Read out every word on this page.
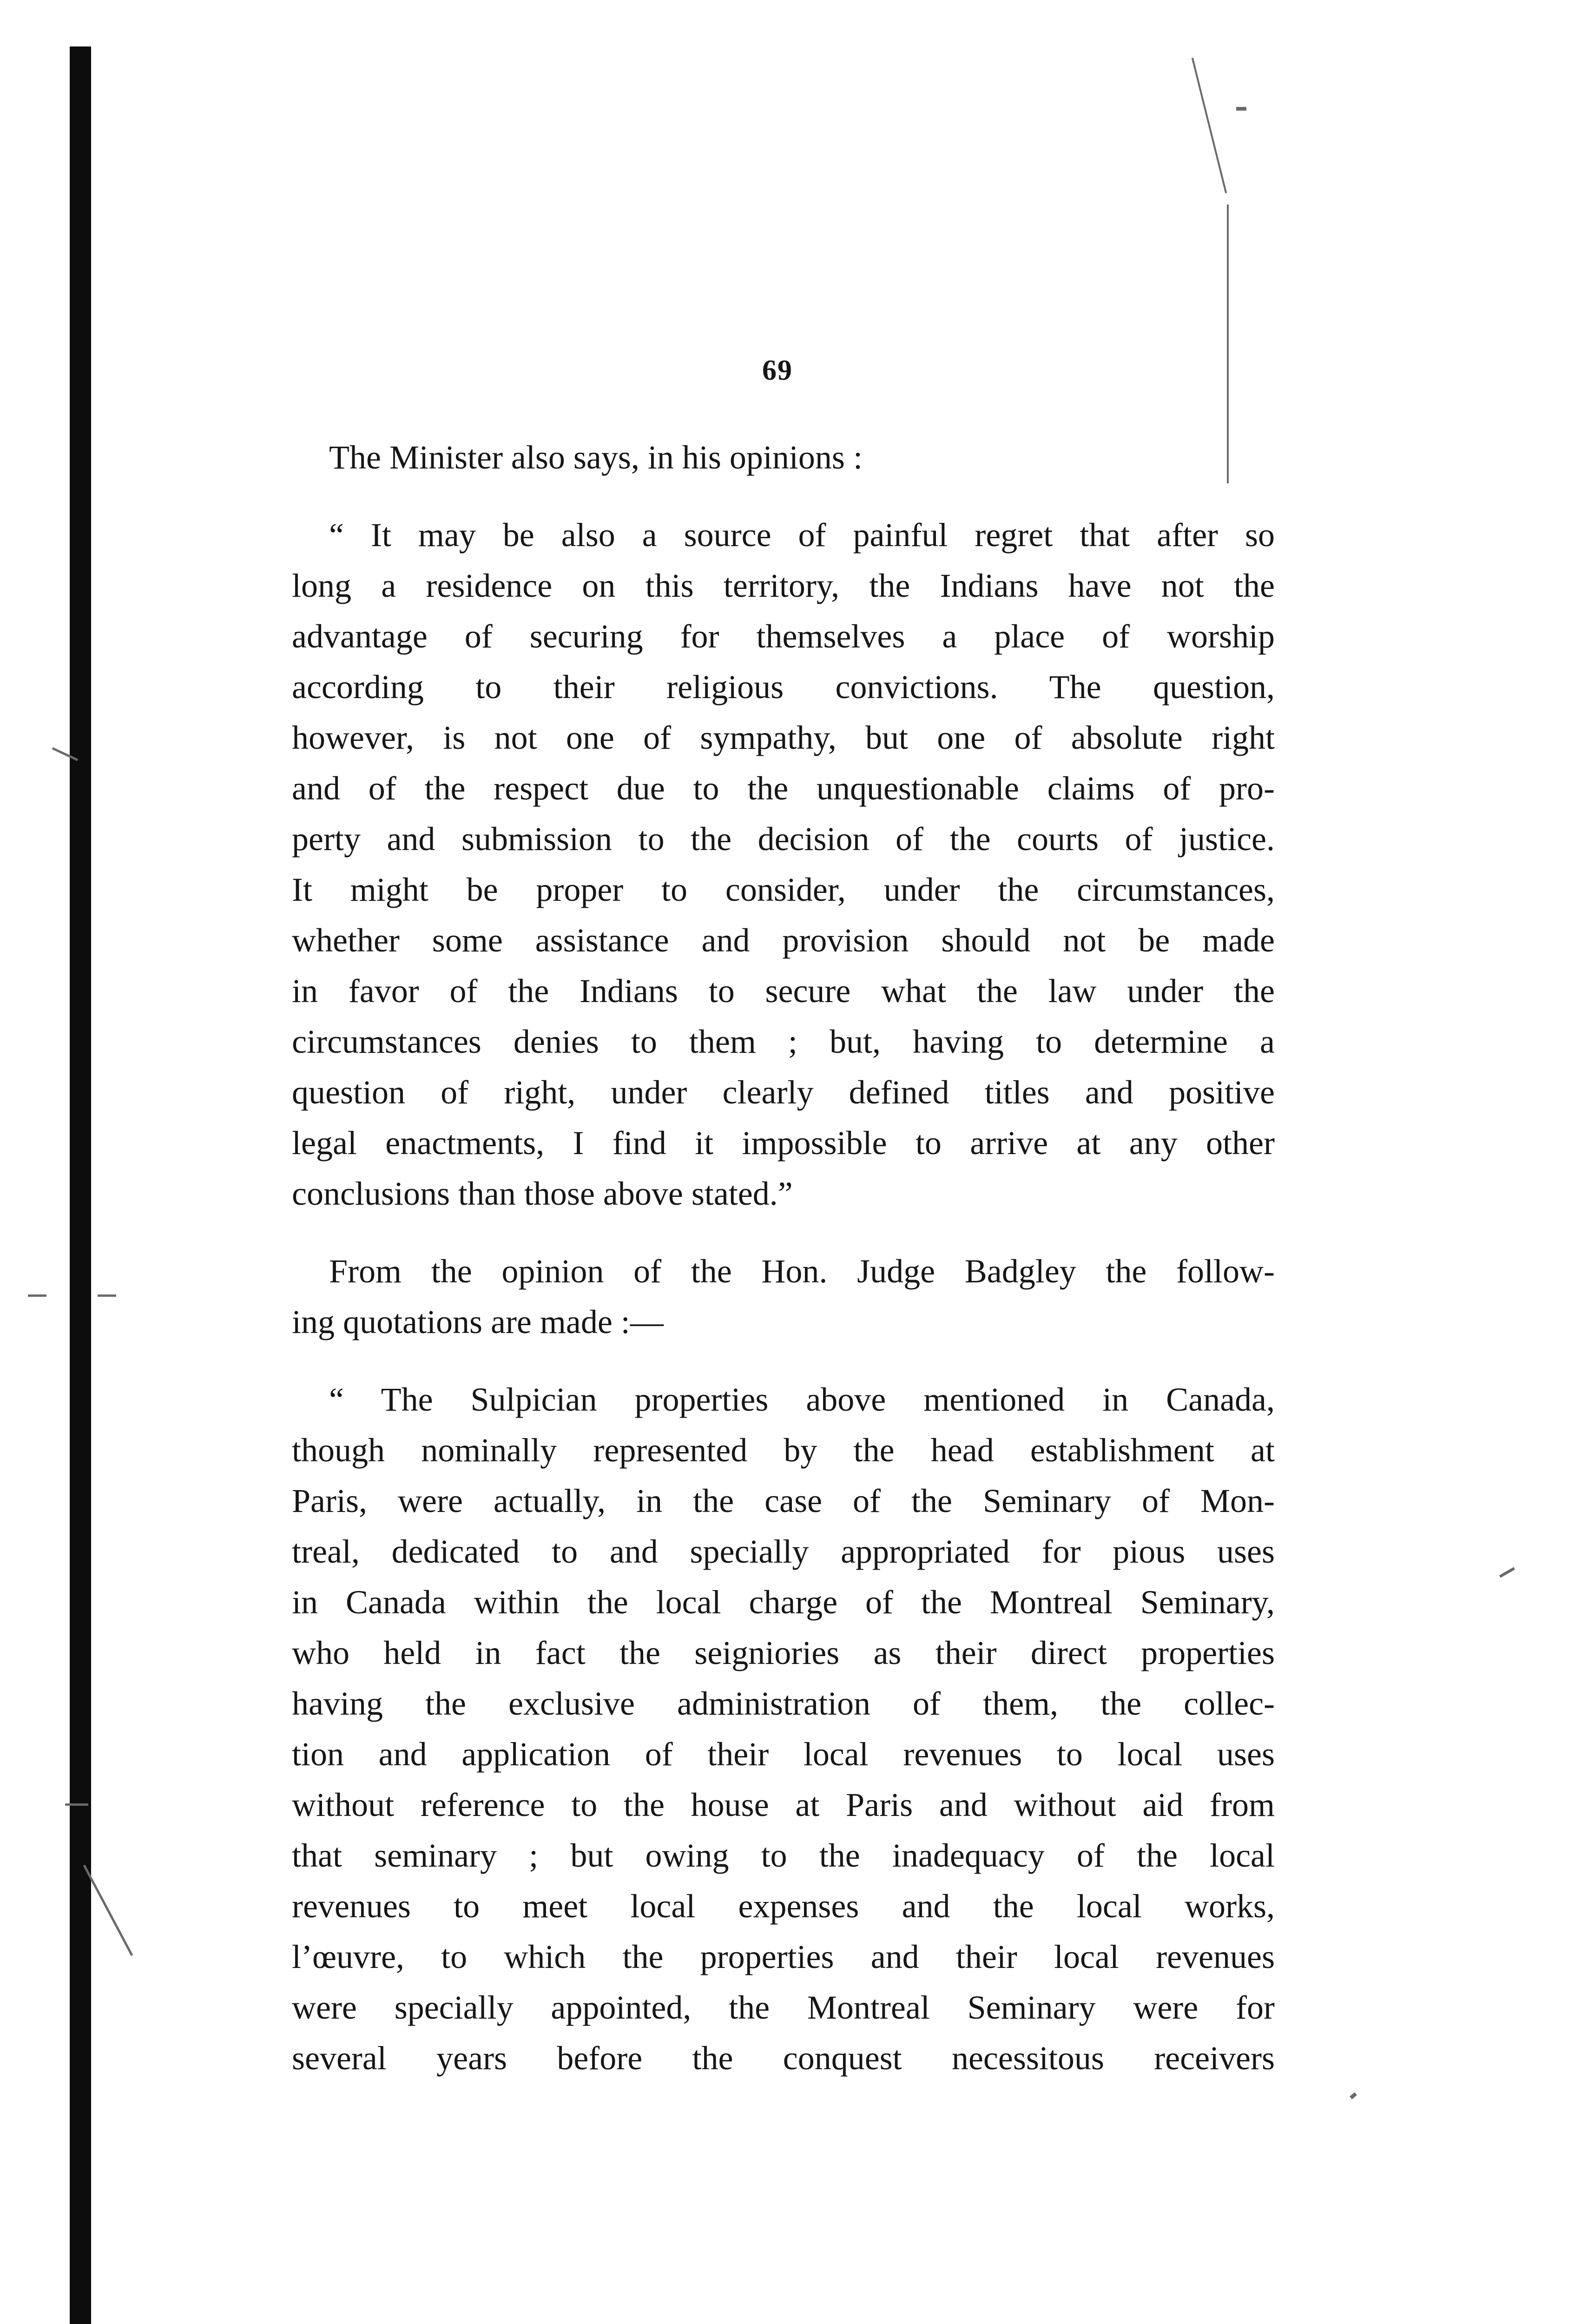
69
The Minister also says, in his opinions :
“ It may be also a source of painful regret that after so
long a residence on this territory, the Indians have not the
advantage of securing for themselves a place of worship
according to their religious convictions. The question,
however, is not one of sympathy, but one of absolute right
and of the respect due to the unquestionable claims of pro-
perty and submission to the decision of the courts of justice.
It might be proper to consider, under the circumstances,
whether some assistance and provision should not be made
in favor of the Indians to secure what the law under the
circumstances denies to them ; but, having to determine a
question of right, under clearly defined titles and positive
legal enactments, I find it impossible to arrive at any other
conclusions than those above stated.”
From the opinion of the Hon. Judge Badgley the follow-
ing quotations are made :—
“ The Sulpician properties above mentioned in Canada,
though nominally represented by the head establishment at
Paris, were actually, in the case of the Seminary of Mon-
treal, dedicated to and specially appropriated for pious uses
in Canada within the local charge of the Montreal Seminary,
who held in fact the seigniories as their direct properties
having the exclusive administration of them, the collec-
tion and application of their local revenues to local uses
without reference to the house at Paris and without aid from
that seminary ; but owing to the inadequacy of the local
revenues to meet local expenses and the local works,
l’œuvre, to which the properties and their local revenues
were specially appointed, the Montreal Seminary were for
several years before the conquest necessitous receivers
